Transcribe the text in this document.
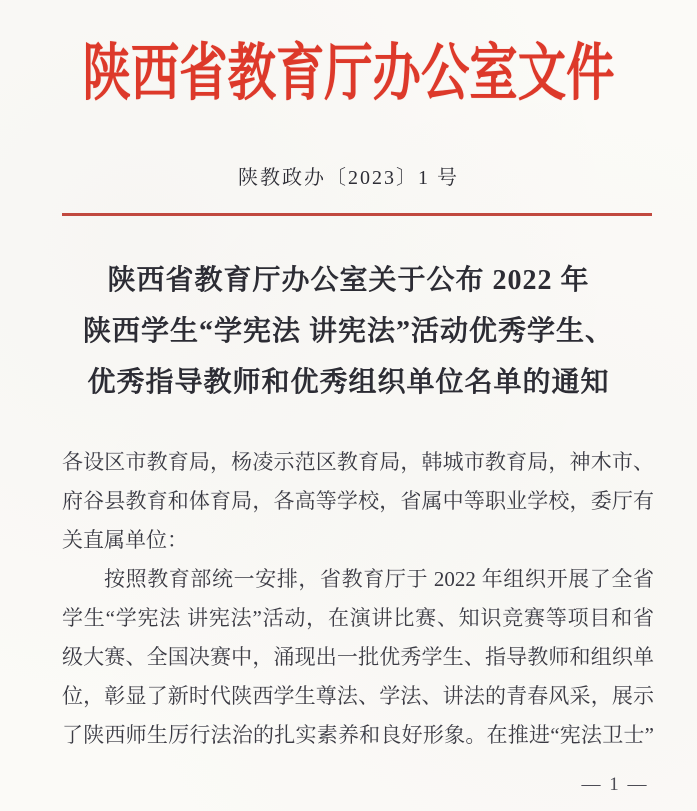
陕西省教育厅办公室文件
陕教政办〔2023〕1 号
陕西省教育厅办公室关于公布 2022 年
陕西学生“学宪法 讲宪法”活动优秀学生、
优秀指导教师和优秀组织单位名单的通知
各设区市教育局，杨凌示范区教育局，韩城市教育局，神木市、
府谷县教育和体育局，各高等学校，省属中等职业学校，委厅有
关直属单位：
按照教育部统一安排，省教育厅于 2022 年组织开展了全省
学生“学宪法 讲宪法”活动，在演讲比赛、知识竞赛等项目和省
级大赛、全国决赛中，涌现出一批优秀学生、指导教师和组织单
位，彰显了新时代陕西学生尊法、学法、讲法的青春风采，展示
了陕西师生厉行法治的扎实素养和良好形象。在推进“宪法卫士”
— 1 —
